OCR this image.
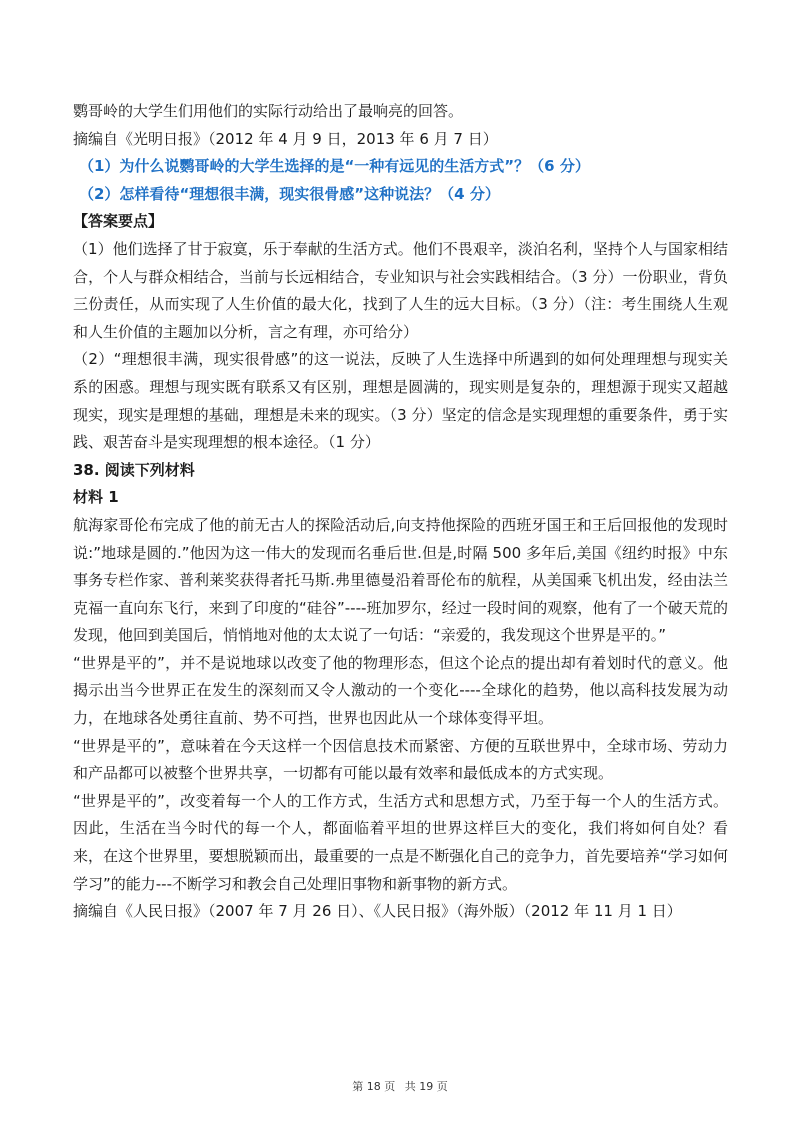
鹦哥岭的大学生们用他们的实际行动给出了最响亮的回答。

摘编自《光明日报》（2012 年 4 月 9 日，2013 年 6 月 7 日）

（1）为什么说鹦哥岭的大学生选择的是“一种有远见的生活方式”？（6 分）

（2）怎样看待“理想很丰满，现实很骨感”这种说法？（4 分）

【答案要点】

（1）他们选择了甘于寂寞，乐于奉献的生活方式。他们不畏艰辛，淡泊名利，坚持个人与国家相结合，个人与群众相结合，当前与长远相结合，专业知识与社会实践相结合。（3 分）一份职业，背负三份责任，从而实现了人生价值的最大化，找到了人生的远大目标。（3 分）（注：考生围绕人生观和人生价值的主题加以分析，言之有理，亦可给分）

（2）“理想很丰满，现实很骨感”的这一说法，反映了人生选择中所遇到的如何处理理想与现实关系的困惑。理想与现实既有联系又有区别，理想是圆满的，现实则是复杂的，理想源于现实又超越现实，现实是理想的基础，理想是未来的现实。（3 分）坚定的信念是实现理想的重要条件，勇于实践、艰苦奋斗是实现理想的根本途径。（1 分）

38. 阅读下列材料

材料 1

航海家哥伦布完成了他的前无古人的探险活动后,向支持他探险的西班牙国王和王后回报他的发现时说:”地球是圆的.”他因为这一伟大的发现而名垂后世.但是,时隔 500 多年后,美国《纽约时报》中东事务专栏作家、普利莱奖获得者托马斯.弗里德曼沿着哥伦布的航程，从美国乘飞机出发，经由法兰克福一直向东飞行，来到了印度的“硅谷”----班加罗尔，经过一段时间的观察，他有了一个破天荒的发现，他回到美国后，悄悄地对他的太太说了一句话：“亲爱的，我发现这个世界是平的。”

“世界是平的”，并不是说地球以改变了他的物理形态，但这个论点的提出却有着划时代的意义。他揭示出当今世界正在发生的深刻而又令人激动的一个变化----全球化的趋势，他以高科技发展为动力，在地球各处勇往直前、势不可挡，世界也因此从一个球体变得平坦。

“世界是平的”，意味着在今天这样一个因信息技术而紧密、方便的互联世界中，全球市场、劳动力和产品都可以被整个世界共享，一切都有可能以最有效率和最低成本的方式实现。

“世界是平的”，改变着每一个人的工作方式，生活方式和思想方式，乃至于每一个人的生活方式。因此，生活在当今时代的每一个人，都面临着平坦的世界这样巨大的变化，我们将如何自处？看来，在这个世界里，要想脱颖而出，最重要的一点是不断强化自己的竞争力，首先要培养“学习如何学习”的能力---不断学习和教会自己处理旧事物和新事物的新方式。

摘编自《人民日报》（2007 年 7 月 26 日）、《人民日报》（海外版）（2012 年 11 月 1 日）

第 18 页 共 19 页
